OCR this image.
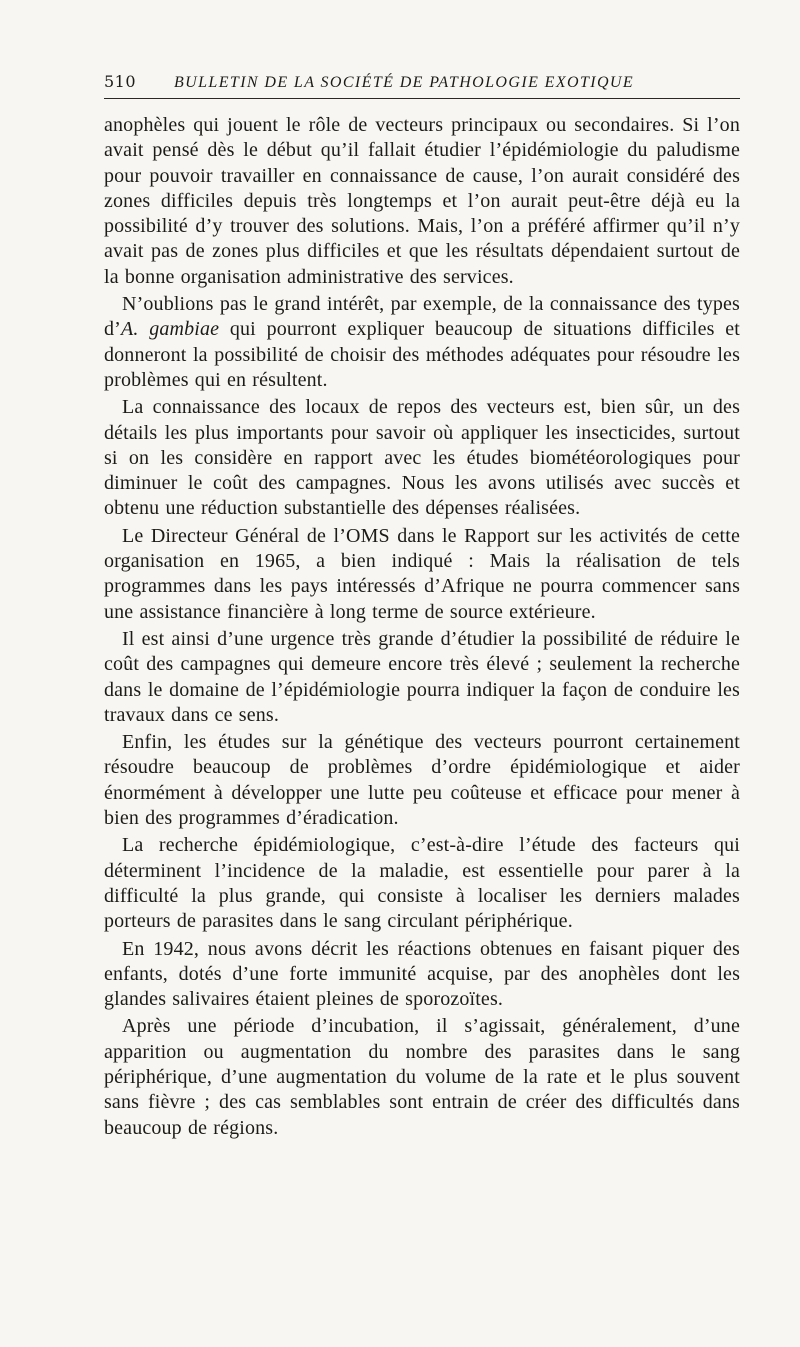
510	BULLETIN DE LA SOCIÉTÉ DE PATHOLOGIE EXOTIQUE

anophèles qui jouent le rôle de vecteurs principaux ou secondaires. Si l’on avait pensé dès le début qu’il fallait étudier l’épidémiologie du paludisme pour pouvoir travailler en connaissance de cause, l’on aurait considéré des zones difficiles depuis très longtemps et l’on aurait peut-être déjà eu la possibilité d’y trouver des solutions. Mais, l’on a préféré affirmer qu’il n’y avait pas de zones plus difficiles et que les résultats dépendaient surtout de la bonne organisation administrative des services.

N’oublions pas le grand intérêt, par exemple, de la connaissance des types d’A. gambiae qui pourront expliquer beaucoup de situations difficiles et donneront la possibilité de choisir des méthodes adéquates pour résoudre les problèmes qui en résultent.

La connaissance des locaux de repos des vecteurs est, bien sûr, un des détails les plus importants pour savoir où appliquer les insecticides, surtout si on les considère en rapport avec les études biométéorologiques pour diminuer le coût des campagnes. Nous les avons utilisés avec succès et obtenu une réduction substantielle des dépenses réalisées.

Le Directeur Général de l’OMS dans le Rapport sur les activités de cette organisation en 1965, a bien indiqué : Mais la réalisation de tels programmes dans les pays intéressés d’Afrique ne pourra commencer sans une assistance financière à long terme de source extérieure.

Il est ainsi d’une urgence très grande d’étudier la possibilité de réduire le coût des campagnes qui demeure encore très élevé ; seulement la recherche dans le domaine de l’épidémiologie pourra indiquer la façon de conduire les travaux dans ce sens.

Enfin, les études sur la génétique des vecteurs pourront certainement résoudre beaucoup de problèmes d’ordre épidémiologique et aider énormément à développer une lutte peu coûteuse et efficace pour mener à bien des programmes d’éradication.

La recherche épidémiologique, c’est-à-dire l’étude des facteurs qui déterminent l’incidence de la maladie, est essentielle pour parer à la difficulté la plus grande, qui consiste à localiser les derniers malades porteurs de parasites dans le sang circulant périphérique.

En 1942, nous avons décrit les réactions obtenues en faisant piquer des enfants, dotés d’une forte immunité acquise, par des anophèles dont les glandes salivaires étaient pleines de sporozoïtes.

Après une période d’incubation, il s’agissait, généralement, d’une apparition ou augmentation du nombre des parasites dans le sang périphérique, d’une augmentation du volume de la rate et le plus souvent sans fièvre ; des cas semblables sont entrain de créer des difficultés dans beaucoup de régions.
